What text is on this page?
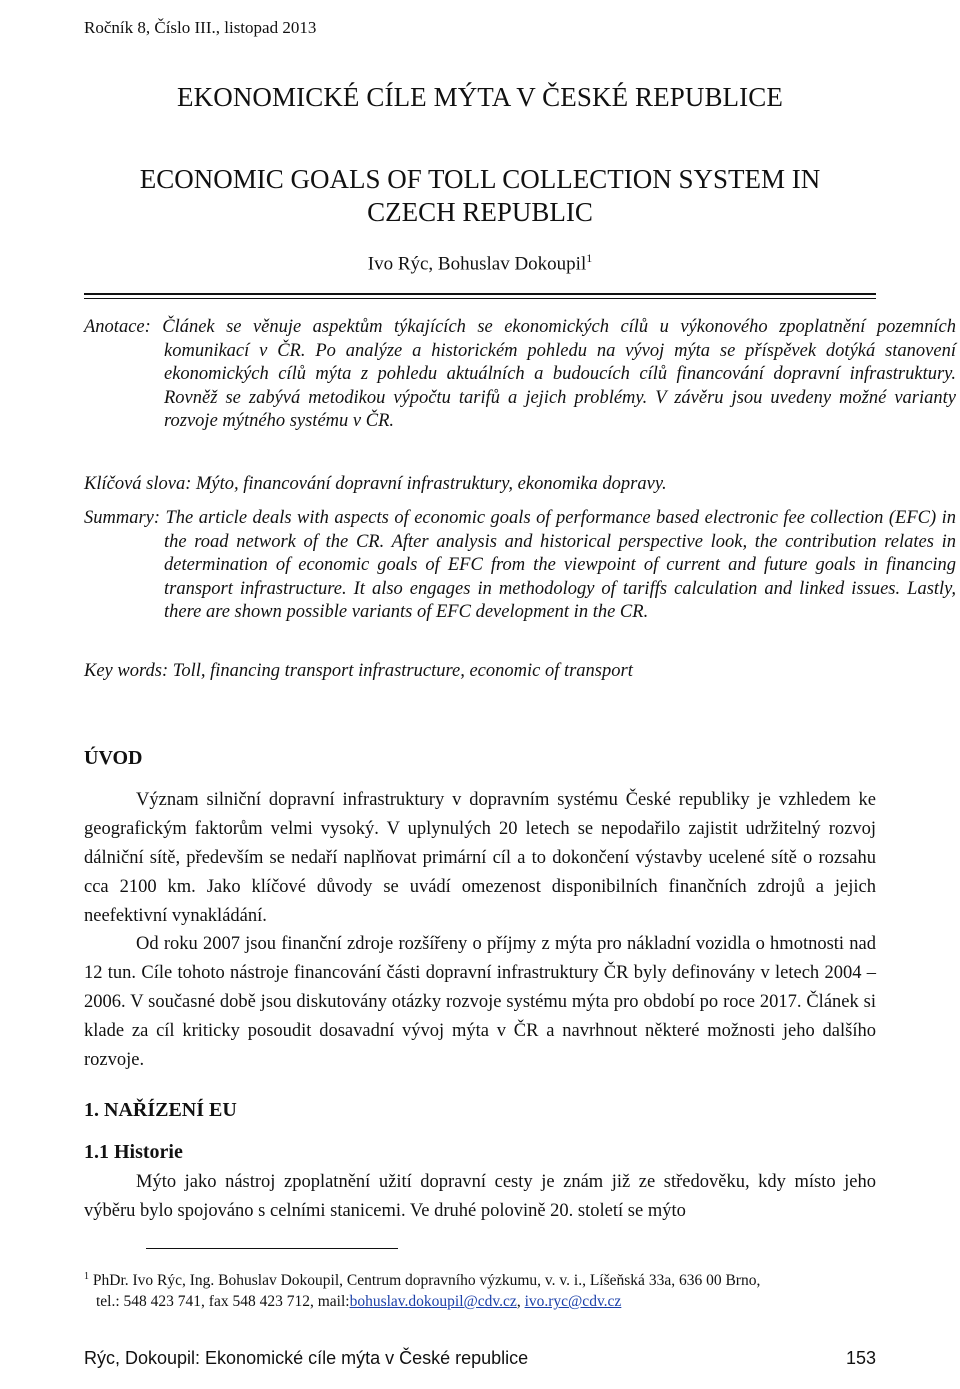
Ročník 8, Číslo III., listopad 2013
EKONOMICKÉ CÍLE MÝTA V ČESKÉ REPUBLICE
ECONOMIC GOALS OF TOLL COLLECTION SYSTEM IN
CZECH REPUBLIC
Ivo Rýc, Bohuslav Dokoupil$^1$
Anotace: Článek se věnuje aspektům týkajících se ekonomických cílů u výkonového zpoplatnění pozemních komunikací v ČR. Po analýze a historickém pohledu na vývoj mýta se příspěvek dotýká stanovení ekonomických cílů mýta z pohledu aktuálních a budoucích cílů financování dopravní infrastruktury. Rovněž se zabývá metodikou výpočtu tarifů a jejich problémy. V závěru jsou uvedeny možné varianty rozvoje mýtného systému v ČR.
Klíčová slova: Mýto, financování dopravní infrastruktury, ekonomika dopravy.
Summary: The article deals with aspects of economic goals of performance based electronic fee collection (EFC) in the road network of the CR. After analysis and historical perspective look, the contribution relates in determination of economic goals of EFC from the viewpoint of current and future goals in financing transport infrastructure. It also engages in methodology of tariffs calculation and linked issues. Lastly, there are shown possible variants of EFC development in the CR.
Key words: Toll, financing transport infrastructure, economic of transport
ÚVOD
Význam silniční dopravní infrastruktury v dopravním systému České republiky je vzhledem ke geografickým faktorům velmi vysoký. V uplynulých 20 letech se nepodařilo zajistit udržitelný rozvoj dálniční sítě, především se nedaří naplňovat primární cíl a to dokončení výstavby ucelené sítě o rozsahu cca 2100 km. Jako klíčové důvody se uvádí omezenost disponibilních finančních zdrojů a jejich neefektivní vynakládání.
Od roku 2007 jsou finanční zdroje rozšířeny o příjmy z mýta pro nákladní vozidla o hmotnosti nad 12 tun. Cíle tohoto nástroje financování části dopravní infrastruktury ČR byly definovány v letech 2004 – 2006. V současné době jsou diskutovány otázky rozvoje systému mýta pro období po roce 2017. Článek si klade za cíl kriticky posoudit dosavadní vývoj mýta v ČR a navrhnout některé možnosti jeho dalšího rozvoje.
1. NAŘÍZENÍ EU
1.1 Historie
Mýto jako nástroj zpoplatnění užití dopravní cesty je znám již ze středověku, kdy místo jeho výběru bylo spojováno s celními stanicemi. Ve druhé polovině 20. století se mýto
$^1$ PhDr. Ivo Rýc, Ing. Bohuslav Dokoupil, Centrum dopravního výzkumu, v. v. i., Líšeňská 33a, 636 00 Brno,
tel.: 548 423 741, fax 548 423 712, mail:bohuslav.dokoupil@cdv.cz, ivo.ryc@cdv.cz
Rýc, Dokoupil: Ekonomické cíle mýta v České republice	153
